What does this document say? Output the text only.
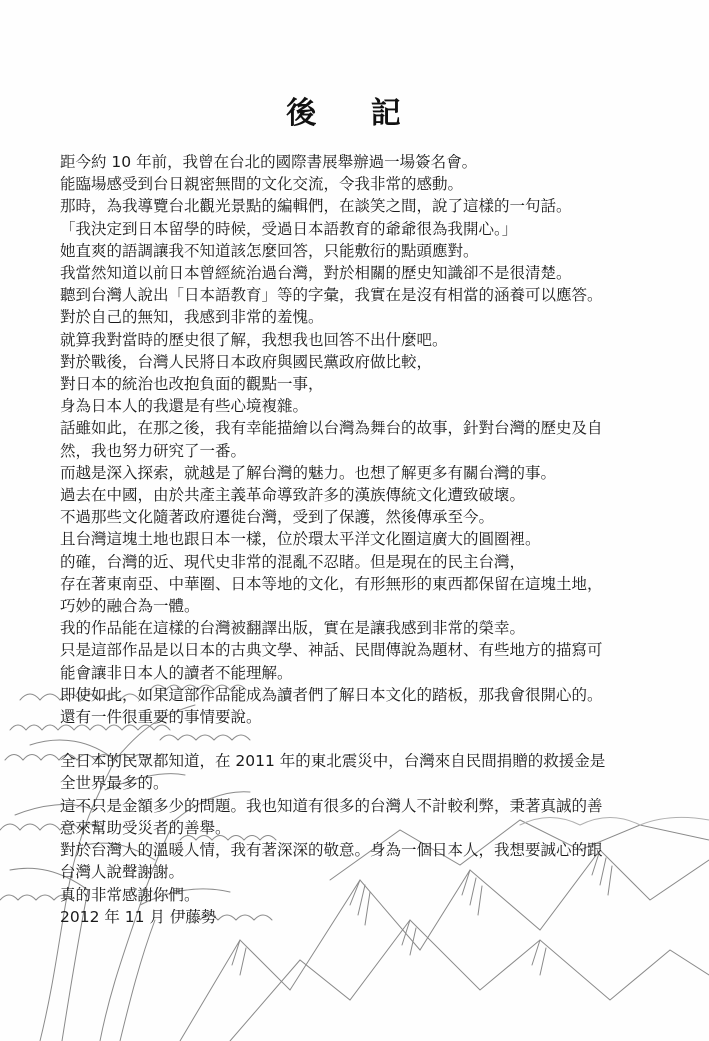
後 記
距今約 10 年前，我曾在台北的國際書展舉辦過一場簽名會。
能臨場感受到台日親密無間的文化交流，令我非常的感動。
那時，為我導覽台北觀光景點的編輯們，在談笑之間，說了這樣的一句話。
「我決定到日本留學的時候，受過日本語教育的爺爺很為我開心。」
她直爽的語調讓我不知道該怎麼回答，只能敷衍的點頭應對。
我當然知道以前日本曾經統治過台灣，對於相關的歷史知識卻不是很清楚。
聽到台灣人說出「日本語教育」等的字彙，我實在是沒有相當的涵養可以應答。
對於自己的無知，我感到非常的羞愧。
就算我對當時的歷史很了解，我想我也回答不出什麼吧。
對於戰後，台灣人民將日本政府與國民黨政府做比較，
對日本的統治也改抱負面的觀點一事，
身為日本人的我還是有些心境複雜。
話雖如此，在那之後，我有幸能描繪以台灣為舞台的故事，針對台灣的歷史及自
然，我也努力研究了一番。
而越是深入探索，就越是了解台灣的魅力。也想了解更多有關台灣的事。
過去在中國，由於共產主義革命導致許多的漢族傳統文化遭致破壞。
不過那些文化隨著政府遷徙台灣，受到了保護，然後傳承至今。
且台灣這塊土地也跟日本一樣，位於環太平洋文化圈這廣大的圓圈裡。
的確，台灣的近、現代史非常的混亂不忍睹。但是現在的民主台灣，
存在著東南亞、中華圈、日本等地的文化，有形無形的東西都保留在這塊土地，
巧妙的融合為一體。
我的作品能在這樣的台灣被翻譯出版，實在是讓我感到非常的榮幸。
只是這部作品是以日本的古典文學、神話、民間傳說為題材、有些地方的描寫可
能會讓非日本人的讀者不能理解。
即使如此，如果這部作品能成為讀者們了解日本文化的踏板，那我會很開心的。
還有一件很重要的事情要說。
全日本的民眾都知道，在 2011 年的東北震災中，台灣來自民間捐贈的救援金是
全世界最多的。
這不只是金額多少的問題。我也知道有很多的台灣人不計較利弊，秉著真誠的善
意來幫助受災者的善舉。
對於台灣人的溫暖人情，我有著深深的敬意。身為一個日本人，我想要誠心的跟
台灣人說聲謝謝。
真的非常感謝你們。
2012 年 11 月 伊藤勢
